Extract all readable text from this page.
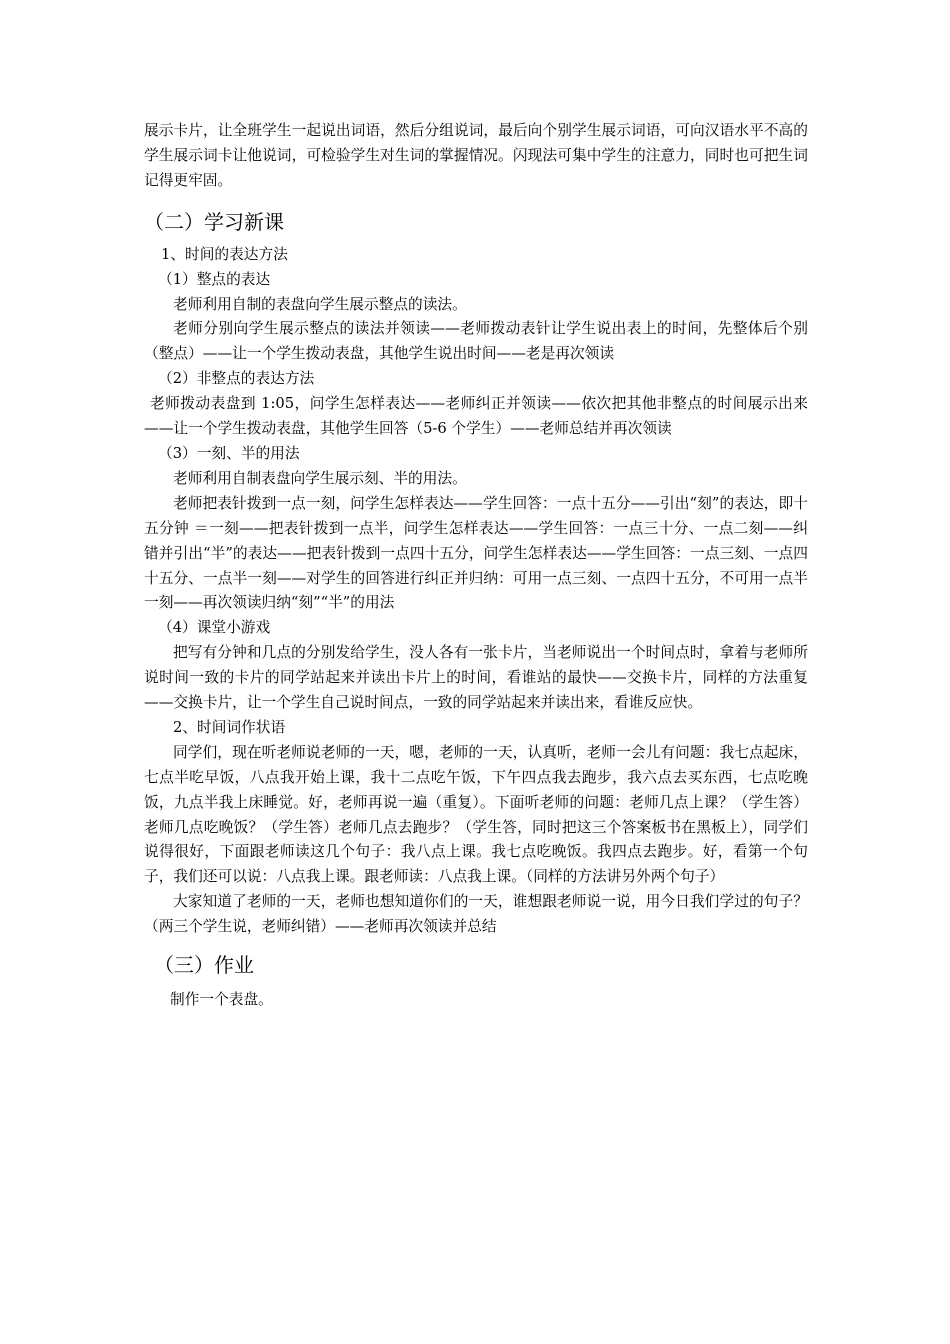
展示卡片，让全班学生一起说出词语，然后分组说词，最后向个别学生展示词语，可向汉语水平不高的学生展示词卡让他说词，可检验学生对生词的掌握情况。闪现法可集中学生的注意力，同时也可把生词记得更牢固。

（二）学习新课

1、时间的表达方法

（1）整点的表达

老师利用自制的表盘向学生展示整点的读法。

老师分别向学生展示整点的读法并领读——老师拨动表针让学生说出表上的时间，先整体后个别（整点）——让一个学生拨动表盘，其他学生说出时间——老是再次领读

（2）非整点的表达方法

老师拨动表盘到 1:05，问学生怎样表达——老师纠正并领读——依次把其他非整点的时间展示出来——让一个学生拨动表盘，其他学生回答（5-6 个学生）——老师总结并再次领读

（3）一刻、半的用法

老师利用自制表盘向学生展示刻、半的用法。

老师把表针拨到一点一刻，问学生怎样表达——学生回答：一点十五分——引出“刻”的表达，即十五分钟 ＝一刻——把表针拨到一点半，问学生怎样表达——学生回答：一点三十分、一点二刻——纠错并引出“半”的表达——把表针拨到一点四十五分，问学生怎样表达——学生回答：一点三刻、一点四十五分、一点半一刻——对学生的回答进行纠正并归纳：可用一点三刻、一点四十五分，不可用一点半一刻——再次领读归纳“刻”“半”的用法

（4）课堂小游戏

把写有分钟和几点的分别发给学生，没人各有一张卡片，当老师说出一个时间点时，拿着与老师所说时间一致的卡片的同学站起来并读出卡片上的时间，看谁站的最快——交换卡片，同样的方法重复——交换卡片，让一个学生自己说时间点，一致的同学站起来并读出来，看谁反应快。

2、时间词作状语

同学们，现在听老师说老师的一天，嗯，老师的一天，认真听，老师一会儿有问题：我七点起床，七点半吃早饭，八点我开始上课，我十二点吃午饭，下午四点我去跑步，我六点去买东西，七点吃晚饭，九点半我上床睡觉。好，老师再说一遍（重复）。下面听老师的问题：老师几点上课？（学生答）老师几点吃晚饭？（学生答）老师几点去跑步？（学生答，同时把这三个答案板书在黑板上），同学们说得很好，下面跟老师读这几个句子：我八点上课。我七点吃晚饭。我四点去跑步。好，看第一个句子，我们还可以说：八点我上课。跟老师读：八点我上课。（同样的方法讲另外两个句子）

大家知道了老师的一天，老师也想知道你们的一天，谁想跟老师说一说，用今日我们学过的句子？（两三个学生说，老师纠错）——老师再次领读并总结

（三）作业

制作一个表盘。
